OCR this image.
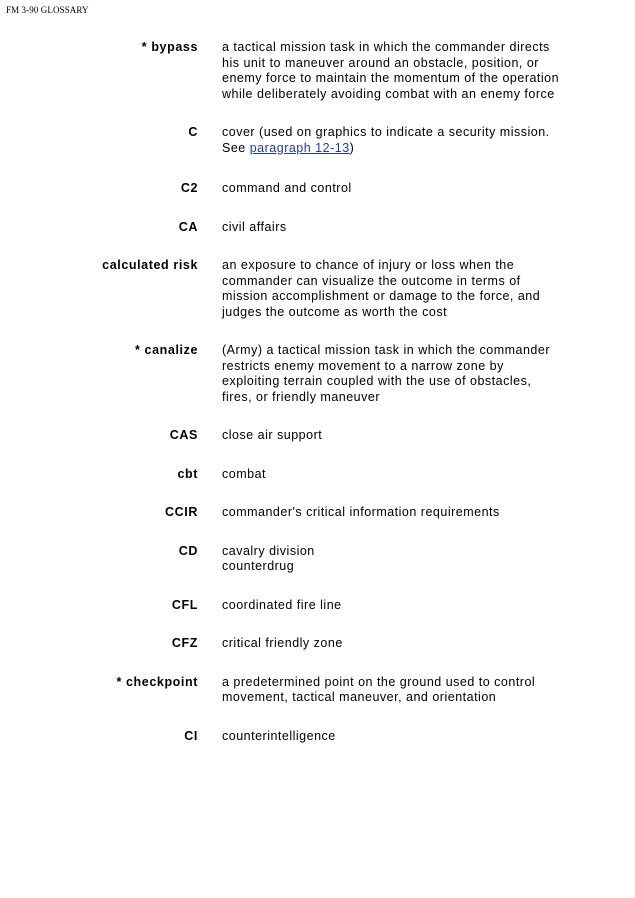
FM 3-90 GLOSSARY
* bypass a tactical mission task in which the commander directs his unit to maneuver around an obstacle, position, or enemy force to maintain the momentum of the operation while deliberately avoiding combat with an enemy force
C cover (used on graphics to indicate a security mission. See paragraph 12-13)
C2 command and control
CA civil affairs
calculated risk an exposure to chance of injury or loss when the commander can visualize the outcome in terms of mission accomplishment or damage to the force, and judges the outcome as worth the cost
* canalize (Army) a tactical mission task in which the commander restricts enemy movement to a narrow zone by exploiting terrain coupled with the use of obstacles, fires, or friendly maneuver
CAS close air support
cbt combat
CCIR commander's critical information requirements
CD cavalry division
counterdrug
CFL coordinated fire line
CFZ critical friendly zone
* checkpoint a predetermined point on the ground used to control movement, tactical maneuver, and orientation
CI counterintelligence
